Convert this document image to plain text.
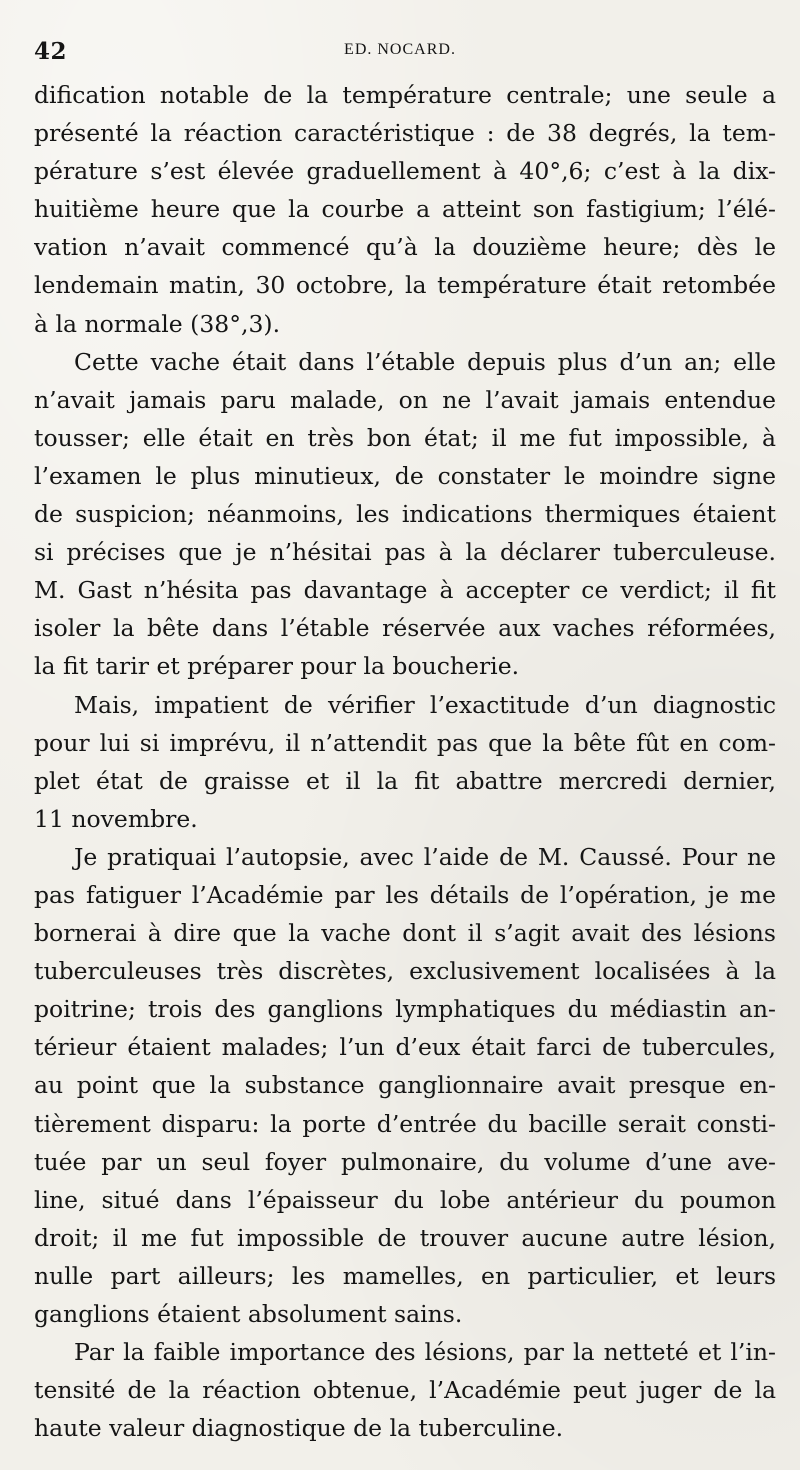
42	ED. NOCARD.
dification notable de la température centrale; une seule a
présenté la réaction caractéristique : de 38 degrés, la tem-
pérature s’est élevée graduellement à 40°,6; c’est à la dix-
huitième heure que la courbe a atteint son fastigium; l’élé-
vation n’avait commencé qu’à la douzième heure; dès le
lendemain matin, 30 octobre, la température était retombée
à la normale (38°,3).
Cette vache était dans l’étable depuis plus d’un an; elle
n’avait jamais paru malade, on ne l’avait jamais entendue
tousser; elle était en très bon état; il me fut impossible, à
l’examen le plus minutieux, de constater le moindre signe
de suspicion; néanmoins, les indications thermiques étaient
si précises que je n’hésitai pas à la déclarer tuberculeuse.
M. Gast n’hésita pas davantage à accepter ce verdict; il fit
isoler la bête dans l’étable réservée aux vaches réformées,
la fit tarir et préparer pour la boucherie.
Mais, impatient de vérifier l’exactitude d’un diagnostic
pour lui si imprévu, il n’attendit pas que la bête fût en com-
plet état de graisse et il la fit abattre mercredi dernier,
11 novembre.
Je pratiquai l’autopsie, avec l’aide de M. Caussé. Pour ne
pas fatiguer l’Académie par les détails de l’opération, je me
bornerai à dire que la vache dont il s’agit avait des lésions
tuberculeuses très discrètes, exclusivement localisées à la
poitrine; trois des ganglions lymphatiques du médiastin an-
térieur étaient malades; l’un d’eux était farci de tubercules,
au point que la substance ganglionnaire avait presque en-
tièrement disparu: la porte d’entrée du bacille serait consti-
tuée par un seul foyer pulmonaire, du volume d’une ave-
line, situé dans l’épaisseur du lobe antérieur du poumon
droit; il me fut impossible de trouver aucune autre lésion,
nulle part ailleurs; les mamelles, en particulier, et leurs
ganglions étaient absolument sains.
Par la faible importance des lésions, par la netteté et l’in-
tensité de la réaction obtenue, l’Académie peut juger de la
haute valeur diagnostique de la tuberculine.
